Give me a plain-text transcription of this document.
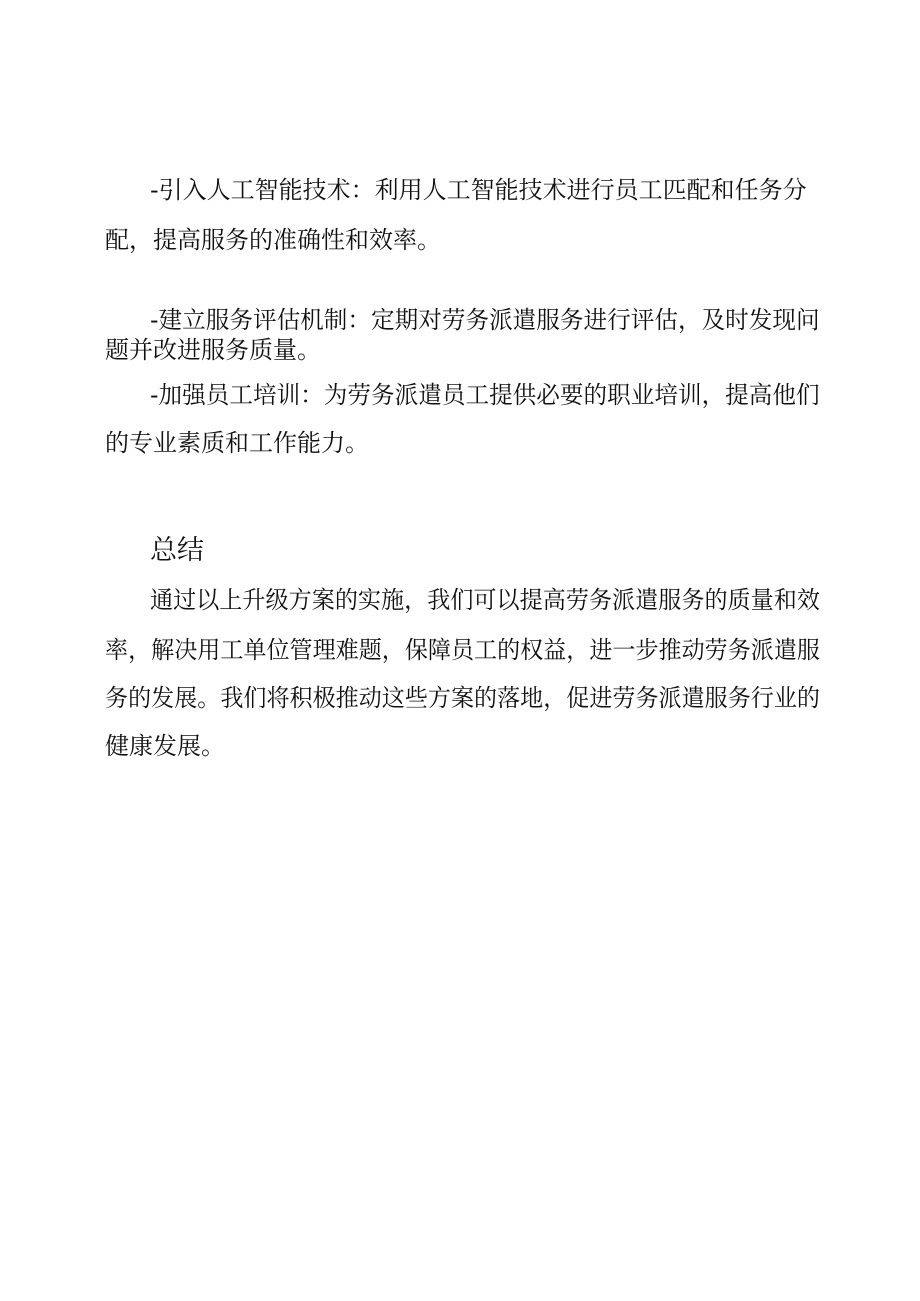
-引入人工智能技术：利用人工智能技术进行员工匹配和任务分
配，提高服务的准确性和效率。
-建立服务评估机制：定期对劳务派遣服务进行评估，及时发现问
题并改进服务质量。
-加强员工培训：为劳务派遣员工提供必要的职业培训，提高他们
的专业素质和工作能力。
总结
通过以上升级方案的实施，我们可以提高劳务派遣服务的质量和效
率，解决用工单位管理难题，保障员工的权益，进一步推动劳务派遣服
务的发展。我们将积极推动这些方案的落地，促进劳务派遣服务行业的
健康发展。
